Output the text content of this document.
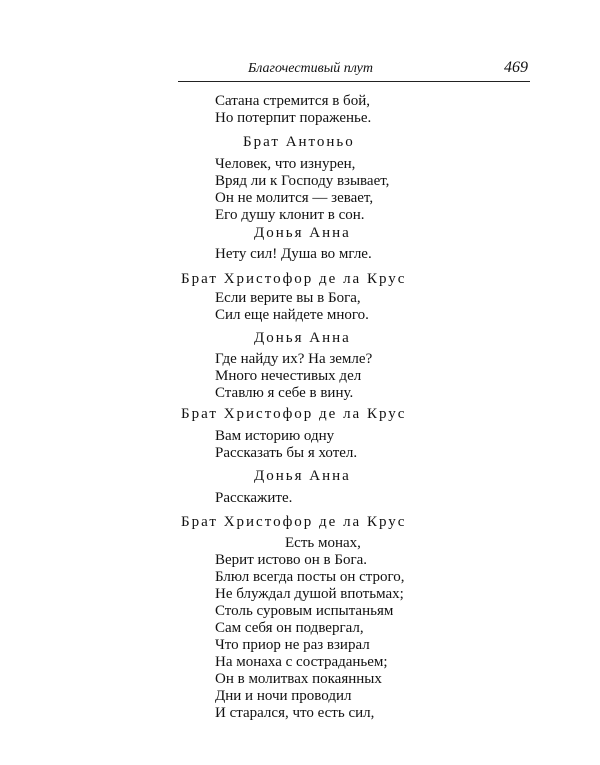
Благочестивый плут	469
Сатана стремится в бой,
Но потерпит пораженье.
Брат Антоньо
Человек, что изнурен,
Вряд ли к Господу взывает,
Он не молится — зевает,
Его душу клонит в сон.
Донья Анна
Нету сил! Душа во мгле.
Брат Христофор де ла Крус
Если верите вы в Бога,
Сил еще найдете много.
Донья Анна
Где найду их? На земле?
Много нечестивых дел
Ставлю я себе в вину.
Брат Христофор де ла Крус
Вам историю одну
Рассказать бы я хотел.
Донья Анна
Расскажите.
Брат Христофор де ла Крус
Есть монах,
Верит истово он в Бога.
Блюл всегда посты он строго,
Не блуждал душой впотьмах;
Столь суровым испытаньям
Сам себя он подвергал,
Что приор не раз взирал
На монаха с состраданьем;
Он в молитвах покаянных
Дни и ночи проводил
И старался, что есть сил,
